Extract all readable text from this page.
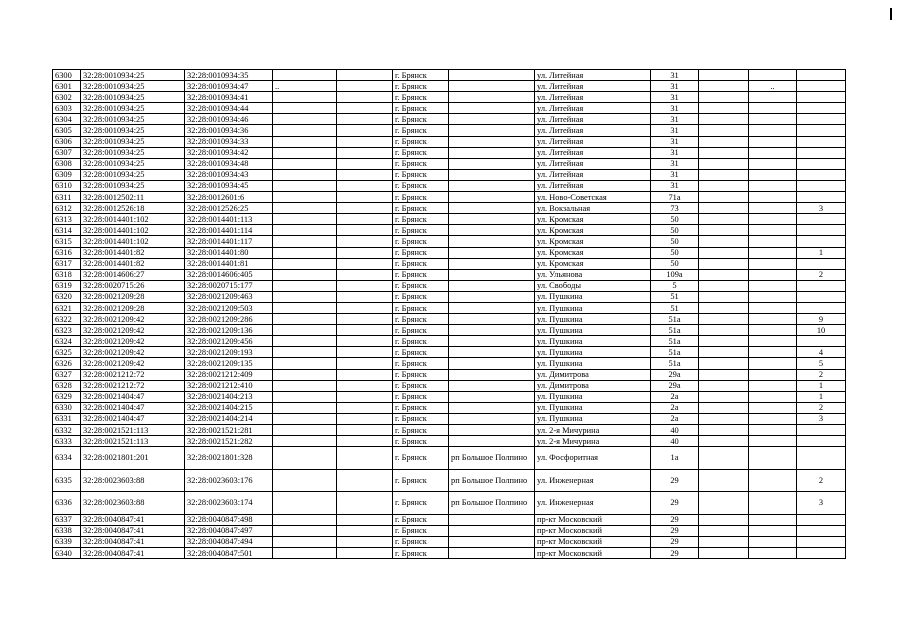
6300	32:28:0010934:25	32:28:0010934:35			г. Брянск		ул. Литейная	31			
6301	32:28:0010934:25	32:28:0010934:47	..		г. Брянск		ул. Литейная	31		..	
6302	32:28:0010934:25	32:28:0010934:41			г. Брянск		ул. Литейная	31			
6303	32:28:0010934:25	32:28:0010934:44			г. Брянск		ул. Литейная	31			
6304	32:28:0010934:25	32:28:0010934:46			г. Брянск		ул. Литейная	31			
6305	32:28:0010934:25	32:28:0010934:36			г. Брянск		ул. Литейная	31			
6306	32:28:0010934:25	32:28:0010934:33			г. Брянск		ул. Литейная	31			
6307	32:28:0010934:25	32:28:0010934:42			г. Брянск		ул. Литейная	31			
6308	32:28:0010934:25	32:28:0010934:48			г. Брянск		ул. Литейная	31			
6309	32:28:0010934:25	32:28:0010934:43			г. Брянск		ул. Литейная	31			
6310	32:28:0010934:25	32:28:0010934:45			г. Брянск		ул. Литейная	31			
6311	32:28:0012502:11	32:28:0012601:6			г. Брянск		ул. Ново-Советская	71а			
6312	32:28:0012526:18	32:28:0012526:25			г. Брянск		ул. Вокзальная	73			3
6313	32:28:0014401:102	32:28:0014401:113			г. Брянск		ул. Кромская	50			
6314	32:28:0014401:102	32:28:0014401:114			г. Брянск		ул. Кромская	50			
6315	32:28:0014401:102	32:28:0014401:117			г. Брянск		ул. Кромская	50			
6316	32:28:0014401:82	32:28:0014401:80			г. Брянск		ул. Кромская	50			1
6317	32:28:0014401:82	32:28:0014401:81			г. Брянск		ул. Кромская	50			
6318	32:28:0014606:27	32:28:0014606:405			г. Брянск		ул. Ульянова	109а			2
6319	32:28:0020715:26	32:28:0020715:177			г. Брянск		ул. Свободы	5			
6320	32:28:0021209:28	32:28:0021209:463			г. Брянск		ул. Пушкина	51			
6321	32:28:0021209:28	32:28:0021209:503			г. Брянск		ул. Пушкина	51			
6322	32:28:0021209:42	32:28:0021209:286			г. Брянск		ул. Пушкина	51а			9
6323	32:28:0021209:42	32:28:0021209:136			г. Брянск		ул. Пушкина	51а			10
6324	32:28:0021209:42	32:28:0021209:456			г. Брянск		ул. Пушкина	51а			
6325	32:28:0021209:42	32:28:0021209:193			г. Брянск		ул. Пушкина	51а			4
6326	32:28:0021209:42	32:28:0021209:135			г. Брянск		ул. Пушкина	51а			5
6327	32:28:0021212:72	32:28:0021212:409			г. Брянск		ул. Димитрова	29а			2
6328	32:28:0021212:72	32:28:0021212:410			г. Брянск		ул. Димитрова	29а			1
6329	32:28:0021404:47	32:28:0021404:213			г. Брянск		ул. Пушкина	2а			1
6330	32:28:0021404:47	32:28:0021404:215			г. Брянск		ул. Пушкина	2а			2
6331	32:28:0021404:47	32:28:0021404:214			г. Брянск		ул. Пушкина	2а			3
6332	32:28:0021521:113	32:28:0021521:281			г. Брянск		ул. 2-я Мичурина	40			
6333	32:28:0021521:113	32:28:0021521:282			г. Брянск		ул. 2-я Мичурина	40			
6334	32:28:0021801:201	32:28:0021801:328			г. Брянск	рп Большое Полпино	ул. Фосфоритная	1а			
6335	32:28:0023603:88	32:28:0023603:176			г. Брянск	рп Большое Полпино	ул. Инженерная	29			2
6336	32:28:0023603:88	32:28:0023603:174			г. Брянск	рп Большое Полпино	ул. Инженерная	29			3
6337	32:28:0040847:41	32:28:0040847:498			г. Брянск		пр-кт Московский	29			
6338	32:28:0040847:41	32:28:0040847:497			г. Брянск		пр-кт Московский	29			
6339	32:28:0040847:41	32:28:0040847:494			г. Брянск		пр-кт Московский	29			
6340	32:28:0040847:41	32:28:0040847:501			г. Брянск		пр-кт Московский	29			
